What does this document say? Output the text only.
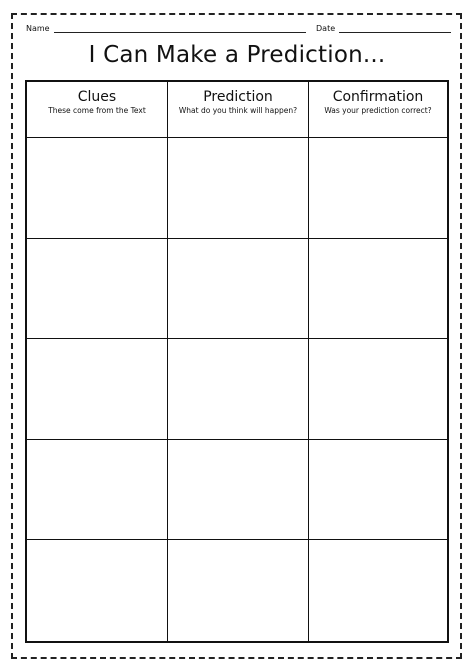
Name	Date
I Can Make a Prediction...
Clues
These come from the Text
Prediction
What do you think will happen?
Confirmation
Was your prediction correct?
